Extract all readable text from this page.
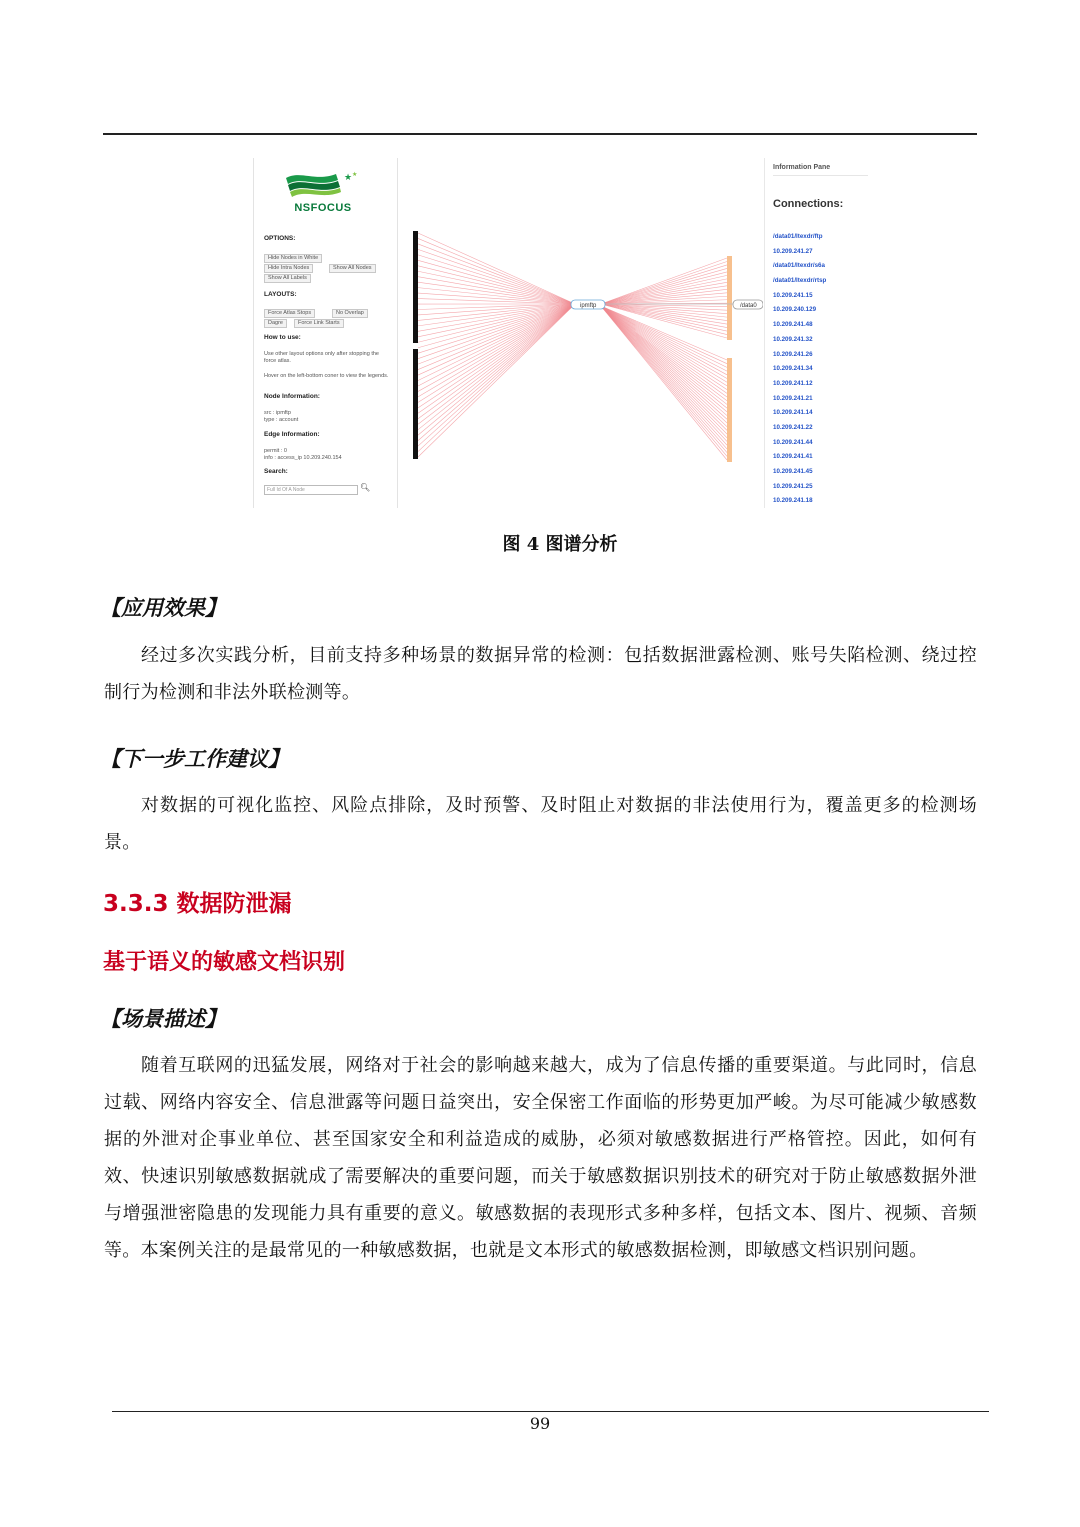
★ ★
NSFOCUS
OPTIONS:
Hide Nodes in White
Hide Intra Nodes	Show All Nodes
Show All Labels
LAYOUTS:
Force Atlas Stops	No Overlap
Dagre	Force Link Starts
How to use:
Use other layout options only after stopping the force atlas.
Hover on the left-bottom coner to view the legends.
Node Information:
src : ipmftp
type : account
Edge Information:
permit : 0
info : access_ip 10.209.240.154
Search:
Full Id Of A Node	🔍︎
ipmftp	/data0
Information Pane
Connections:
/data01/ltexdr/ftp
10.209.241.27
/data01/ltexdr/s6a
/data01/ltexdr/rtsp
10.209.241.15
10.209.240.129
10.209.241.48
10.209.241.32
10.209.241.26
10.209.241.34
10.209.241.12
10.209.241.21
10.209.241.14
10.209.241.22
10.209.241.44
10.209.241.41
10.209.241.45
10.209.241.25
10.209.241.18
图 4 图谱分析
【应用效果】
经过多次实践分析，目前支持多种场景的数据异常的检测：包括数据泄露检测、账号失陷检测、绕过控制行为检测和非法外联检测等。
【下一步工作建议】
对数据的可视化监控、风险点排除，及时预警、及时阻止对数据的非法使用行为，覆盖更多的检测场景。
3.3.3 数据防泄漏
基于语义的敏感文档识别
【场景描述】
随着互联网的迅猛发展，网络对于社会的影响越来越大，成为了信息传播的重要渠道。与此同时，信息过载、网络内容安全、信息泄露等问题日益突出，安全保密工作面临的形势更加严峻。为尽可能减少敏感数据的外泄对企事业单位、甚至国家安全和利益造成的威胁，必须对敏感数据进行严格管控。因此，如何有效、快速识别敏感数据就成了需要解决的重要问题，而关于敏感数据识别技术的研究对于防止敏感数据外泄与增强泄密隐患的发现能力具有重要的意义。敏感数据的表现形式多种多样，包括文本、图片、视频、音频等。本案例关注的是最常见的一种敏感数据，也就是文本形式的敏感数据检测，即敏感文档识别问题。
99
